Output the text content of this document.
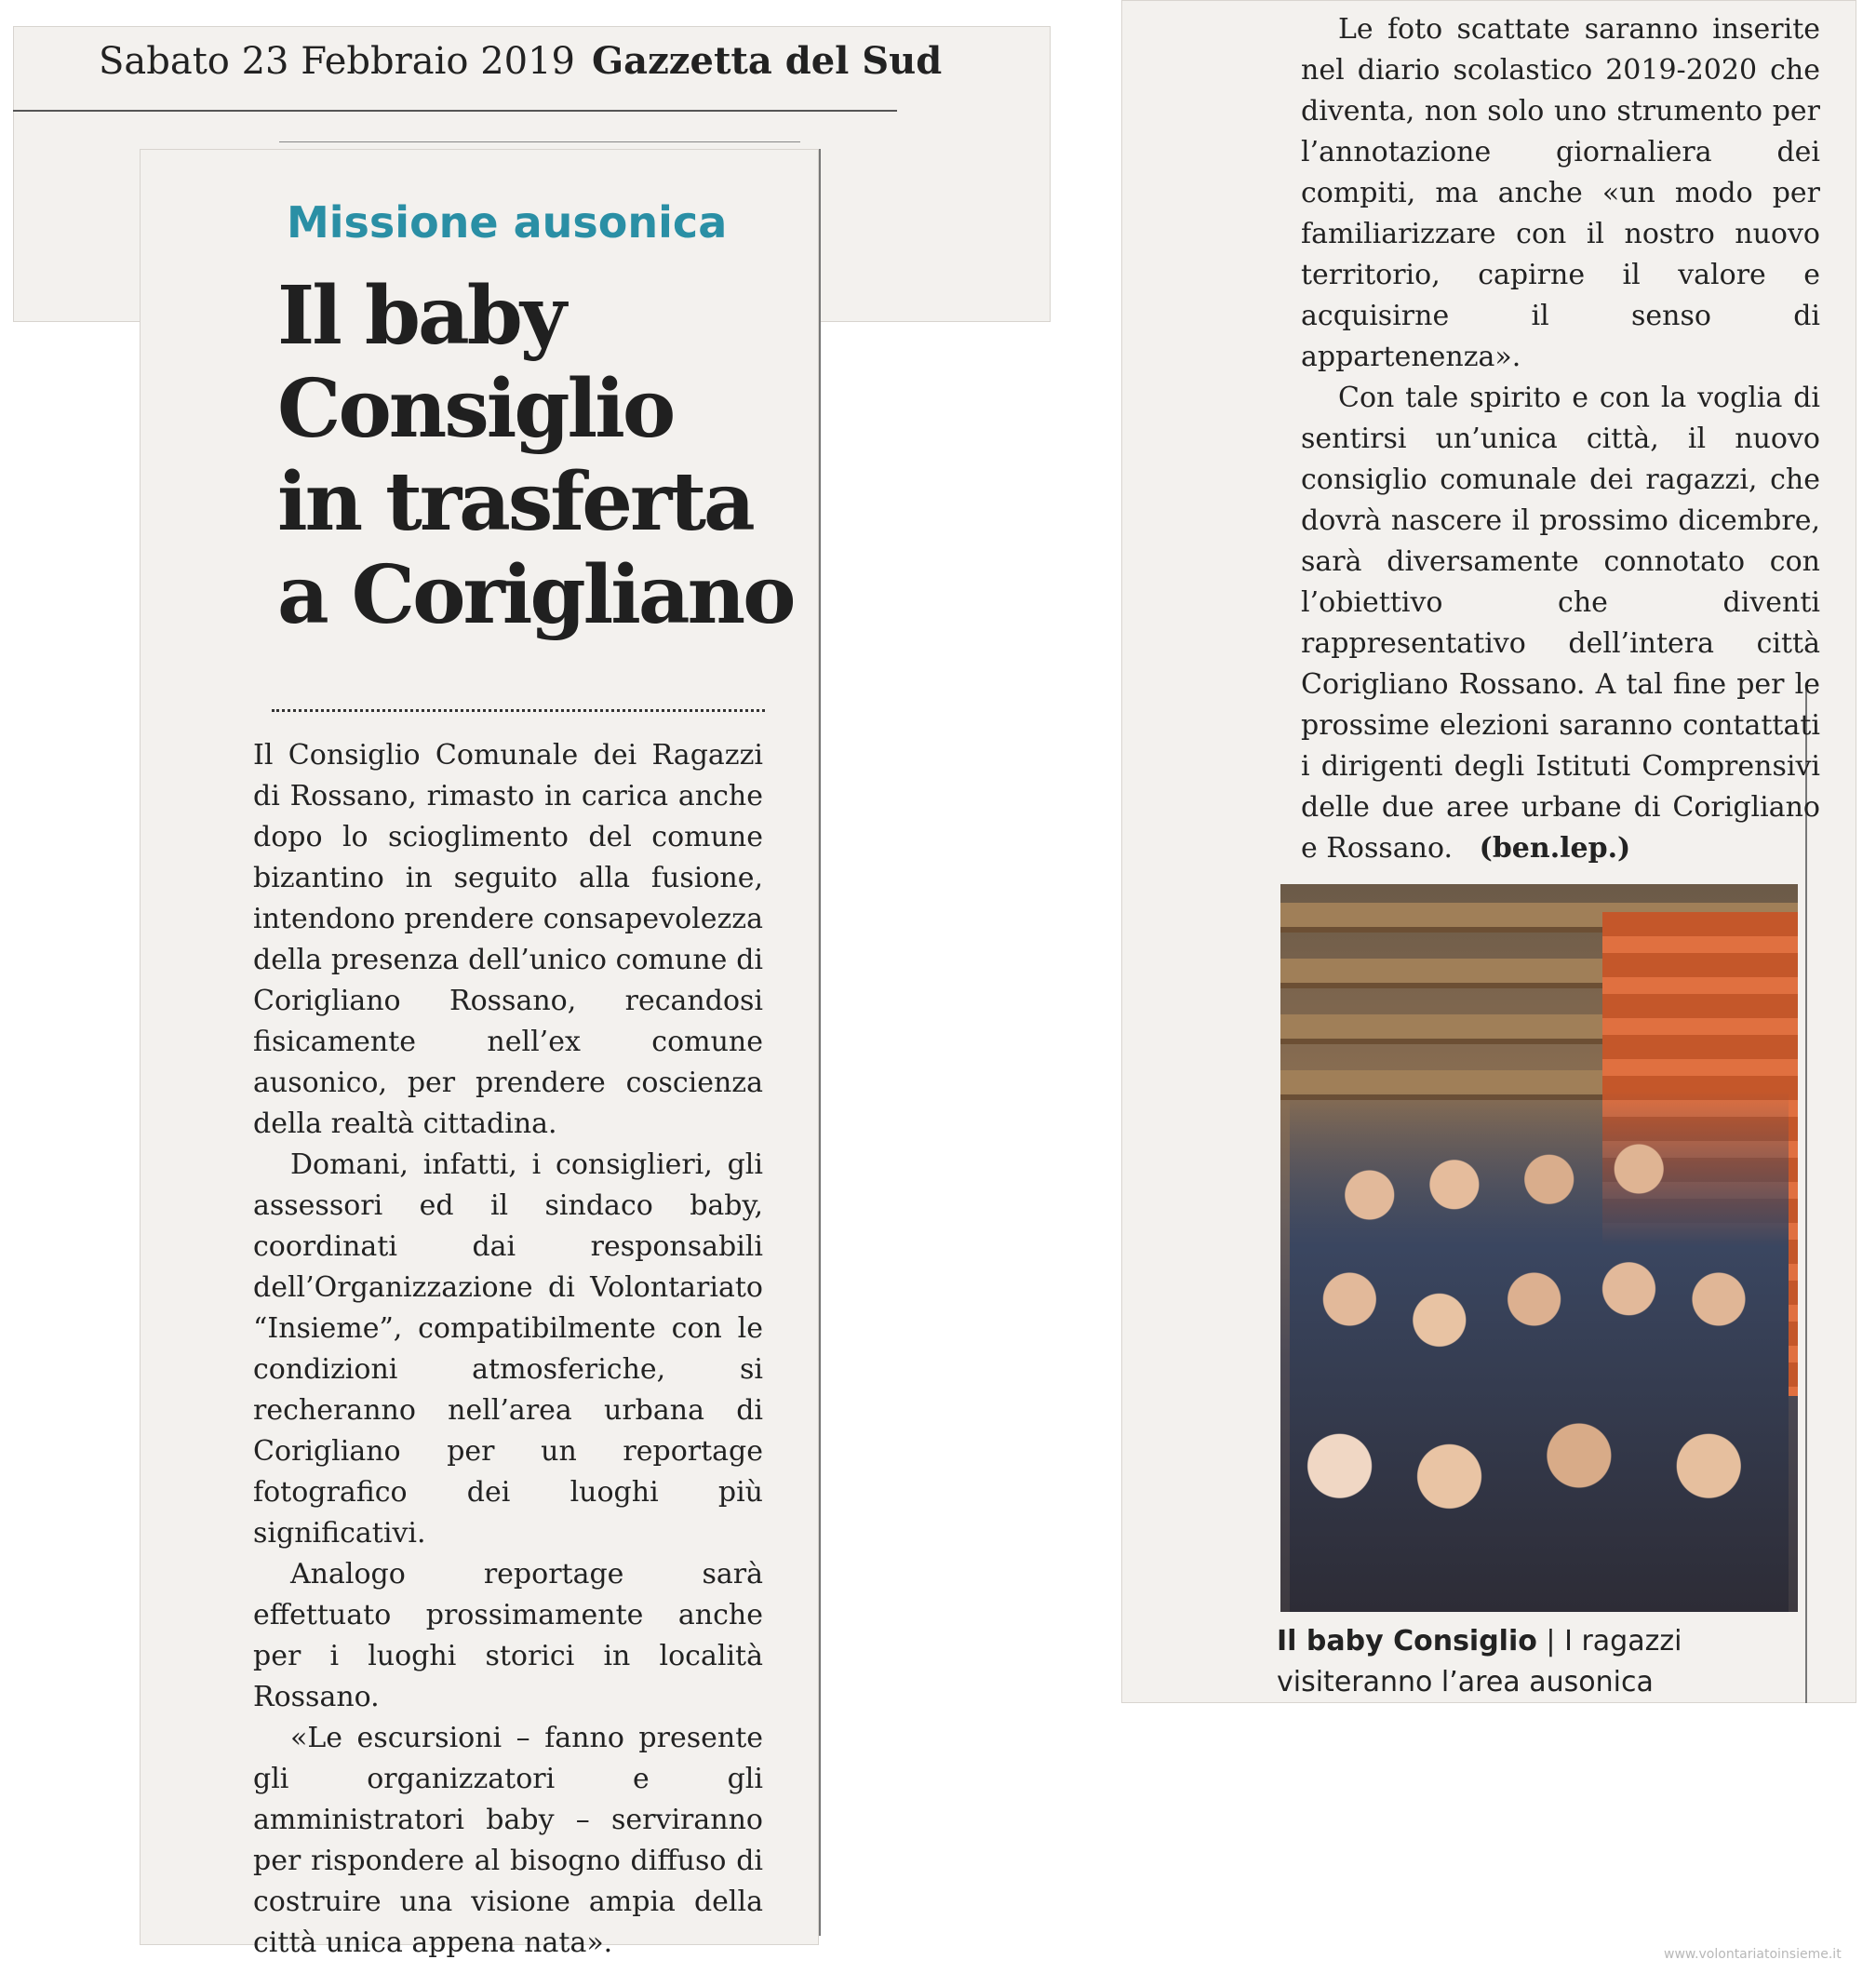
Sabato 23 Febbraio 2019 Gazzetta del Sud
Missione ausonica
Il baby
Consiglio
in trasferta
a Corigliano

Il Consiglio Comunale dei Ragazzi di Rossano, rimasto in carica anche dopo lo scioglimento del comune bizantino in seguito alla fusione, intendono prendere consapevolezza della presenza dell’unico comune di Corigliano Rossano, recandosi fisicamente nell’ex comune ausonico, per prendere coscienza della realtà cittadina.

Domani, infatti, i consiglieri, gli assessori ed il sindaco baby, coordinati dai responsabili dell’Organizzazione di Volontariato “Insieme”, compatibilmente con le condizioni atmosferiche, si recheranno nell’area urbana di Corigliano per un reportage fotografico dei luoghi più significativi.

Analogo reportage sarà effettuato prossimamente anche per i luoghi storici in località Rossano.

«Le escursioni – fanno presente gli organizzatori e gli amministratori baby – serviranno per rispondere al bisogno diffuso di costruire una visione ampia della città unica appena nata».

Le foto scattate saranno inserite nel diario scolastico 2019-2020 che diventa, non solo uno strumento per l’annotazione giornaliera dei compiti, ma anche «un modo per familiarizzare con il nostro nuovo territorio, capirne il valore e acquisirne il senso di appartenenza».

Con tale spirito e con la voglia di sentirsi un’unica città, il nuovo consiglio comunale dei ragazzi, che dovrà nascere il prossimo dicembre, sarà diversamente connotato con l’obiettivo che diventi rappresentativo dell’intera città Corigliano Rossano. A tal fine per le prossime elezioni saranno contattati i dirigenti degli Istituti Comprensivi delle due aree urbane di Corigliano e Rossano. (ben.lep.)

Il baby Consiglio | I ragazzi visiteranno l’area ausonica
www.volontariatoinsieme.it
